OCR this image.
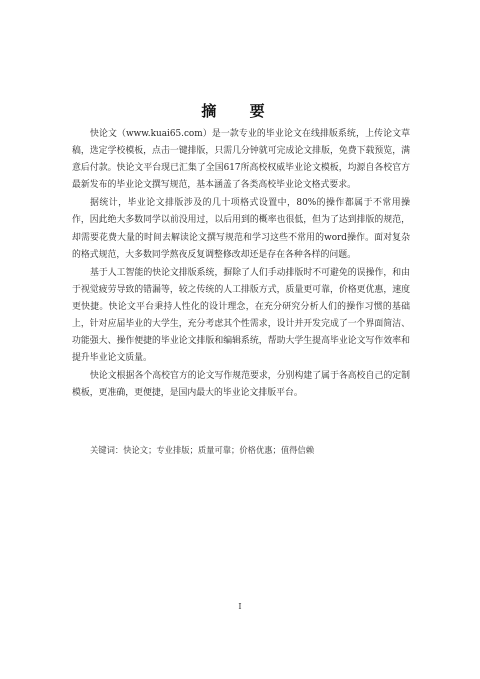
摘 要

快论文（www.kuai65.com）是一款专业的毕业论文在线排版系统，上传论文草稿，选定学校模板，点击一键排版，只需几分钟就可完成论文排版，免费下载预览，满意后付款。快论文平台现已汇集了全国617所高校权威毕业论文模板，均源自各校官方最新发布的毕业论文撰写规范，基本涵盖了各类高校毕业论文格式要求。

据统计，毕业论文排版涉及的几十项格式设置中，80%的操作都属于不常用操作，因此绝大多数同学以前没用过，以后用到的概率也很低，但为了达到排版的规范，却需要花费大量的时间去解读论文撰写规范和学习这些不常用的word操作。面对复杂的格式规范，大多数同学熬夜反复调整修改却还是存在各种各样的问题。

基于人工智能的快论文排版系统，摒除了人们手动排版时不可避免的误操作，和由于视觉疲劳导致的错漏等，较之传统的人工排版方式，质量更可靠，价格更优惠，速度更快捷。快论文平台秉持人性化的设计理念，在充分研究分析人们的操作习惯的基础上，针对应届毕业的大学生，充分考虑其个性需求，设计并开发完成了一个界面简洁、功能强大、操作便捷的毕业论文排版和编辑系统，帮助大学生提高毕业论文写作效率和提升毕业论文质量。

快论文根据各个高校官方的论文写作规范要求，分别构建了属于各高校自己的定制模板，更准确，更便捷，是国内最大的毕业论文排版平台。

关键词：快论文；专业排版；质量可靠；价格优惠；值得信赖
I
